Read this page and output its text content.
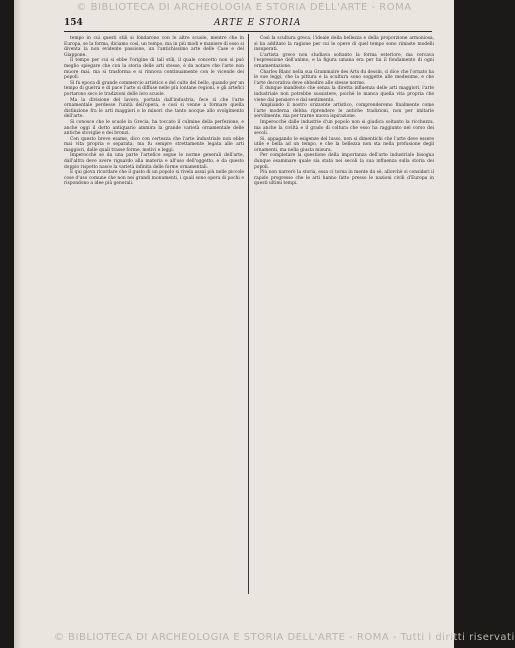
© BIBLIOTECA DI ARCHEOLOGIA E STORIA DELL'ARTE - ROMA
154	ARTE E STORIA

tempo in cui questi stili si fondarono con le altre scuole, mentre che in Europa, se la forma, diciamo così, un tempo, ma in più modi e maniere di esso si diventa la non evidente passione, un l'antichissimo arte delle Case e del Giappone.

Il tempo per cui si ebbe l'origine di tali stili, il quale concetto non si può meglio spiegare che con la storia delle arti stesse, è da notare che l'arte non muore mai, ma si trasforma e si rinnova continuamente con le vicende dei popoli.

Si fu epoca di grande commercio artistico e del culto del bello, quando per un tempo di guerra e di pace l'arte si diffuse nelle più lontane regioni, e gli artefici portarono seco le tradizioni delle loro scuole.

Ma la divisione del lavoro, portata dall'industria, fece sì che l'arte ornamentale perdesse l'unità dell'opera, e così si venne a formare quella distinzione fra le arti maggiori e le minori che tanto nocque allo svolgimento dell'arte.

Si conosce che le scuole in Grecia, ha toccato il culmine della perfezione, e anche oggi il dotto antiquario ammira la grande varietà ornamentale delle antiche stoviglie e dei bronzi.

Con questo breve esame, dico con certezza che l'arte industriale non ebbe mai vita propria e separata, ma fu sempre strettamente legata alle arti maggiori, dalle quali trasse forme, motivi e leggi.

Imperocchè se da una parte l'artefice segue le norme generali dell'arte, dall'altra deve avere riguardo alla materia e all'uso dell'oggetto, e da questo doppio rispetto nasce la varietà infinita delle forme ornamentali.

E qui giova ricordare che il gusto di un popolo si rivela assai più nelle piccole cose d'uso comune che non nei grandi monumenti, i quali sono opera di pochi e rispondono a idee più generali.

Così la scultura greca, l'ideale della bellezza e della proporzione armoniosa, si ha additato la ragione per cui le opere di quel tempo sono rimaste modelli insuperati.

L'artista greco non studiava soltanto la forma esteriore, ma cercava l'espressione dell'animo, e la figura umana era per lui il fondamento di ogni ornamentazione.

Charles Blanc nella sua Grammaire des Arts du dessin, ci dice che l'ornato ha le sue leggi, che la pittura e la scultura sono soggette alle medesime, e che l'arte decorativa deve obbedire alle stesse norme.

E dunque manifesto che senza la diretta influenza delle arti maggiori, l'arte industriale non potrebbe sussistere, poichè le manca quella vita propria che viene dal pensiero e dal sentimento.

Ampliando il nostro orizzonte artistico, comprenderemo finalmente come l'arte moderna debba riprendere le antiche tradizioni, non per imitarle servilmente, ma per trarne nuova ispirazione.

Imperocchè dalle industrie d'un popolo non si giudica soltanto la ricchezza, ma anche la civiltà e il grado di coltura che esso ha raggiunto nel corso dei secoli.

Si, appagando le esigenze del lusso, non si dimentichi che l'arte deve essere utile e bella ad un tempo, e che la bellezza non sta nella profusione degli ornamenti, ma nella giusta misura.

Per completare la questione della importanza dell'arte industriale bisogna dunque esaminare quale sia stata nei secoli la sua influenza sulla storia dei popoli.

Più non narrerò la storia, essa ci torna in mente da sè, allorchè si consideri il rapido progresso che le arti hanno fatto presso le nazioni civili d'Europa in questi ultimi tempi.

© BIBLIOTECA DI ARCHEOLOGIA E STORIA DELL'ARTE - ROMA - Tutti i diritti riservati
